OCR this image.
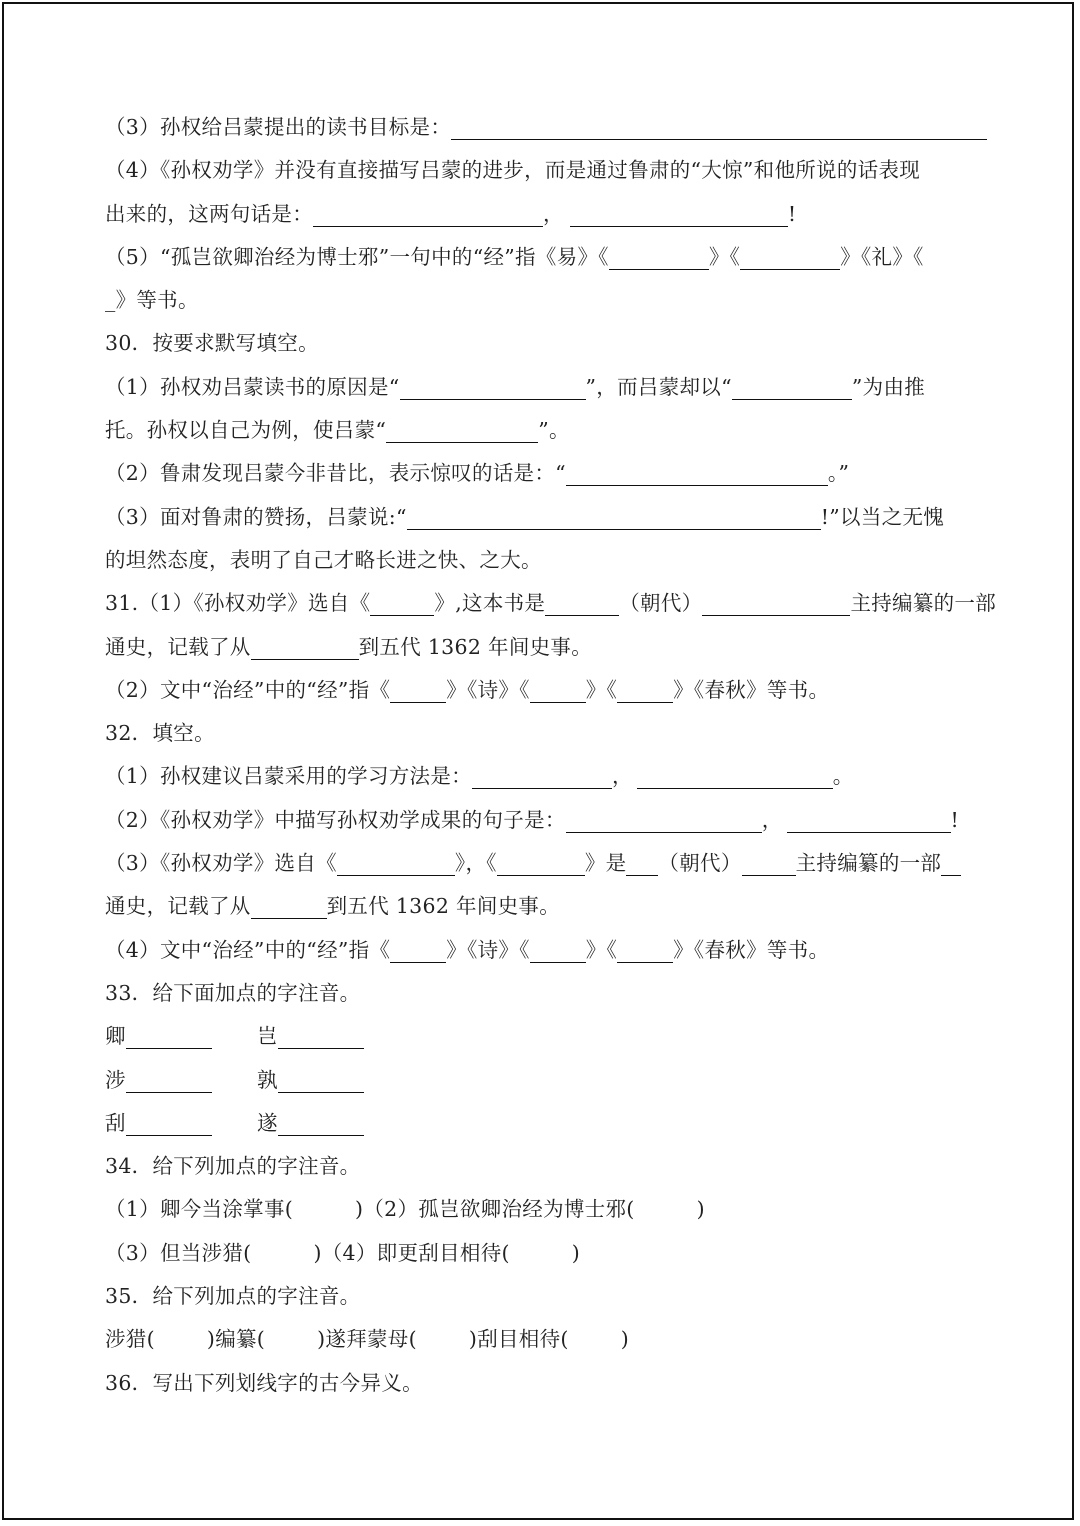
（3）孙权给吕蒙提出的读书目标是：
（4）《孙权劝学》并没有直接描写吕蒙的进步，而是通过鲁肃的“大惊”和他所说的话表现
出来的，这两句话是：	，	!
（5）“孤岂欲卿治经为博士邪”一句中的“经”指《易》《	》《	》《礼》《
_》等书。
30．按要求默写填空。
（1）孙权劝吕蒙读书的原因是“	”，而吕蒙却以“	”为由推
托。孙权以自己为例，使吕蒙“	”。
（2）鲁肃发现吕蒙今非昔比，表示惊叹的话是：“	。”
（3）面对鲁肃的赞扬，吕蒙说:“	!”以当之无愧
的坦然态度，表明了自己才略长进之快、之大。
31.（1）《孙权劝学》选自《	》,这本书是	（朝代）	主持编纂的一部
通史，记载了从	到五代 1362 年间史事。
（2）文中“治经”中的“经”指《	》《诗》《	》《	》《春秋》等书。
32．填空。
（1）孙权建议吕蒙采用的学习方法是：	，	。
（2）《孙权劝学》中描写孙权劝学成果的句子是：	，	!
（3）《孙权劝学》选自《	》，《	》是 （朝代）	主持编纂的一部
通史，记载了从	到五代 1362 年间史事。
（4）文中“治经”中的“经”指《	》《诗》《	》《	》《春秋》等书。
33．给下面加点的字注音。
卿	岂
涉	孰
刮	遂
34．给下列加点的字注音。
（1）卿今当涂掌事(	)（2）孤岂欲卿治经为博士邪(	)
（3）但当涉猎(	)（4）即更刮目相待(	)
35．给下列加点的字注音。
涉猎(	)编纂(	)遂拜蒙母(	)刮目相待(	)
36．写出下列划线字的古今异义。
